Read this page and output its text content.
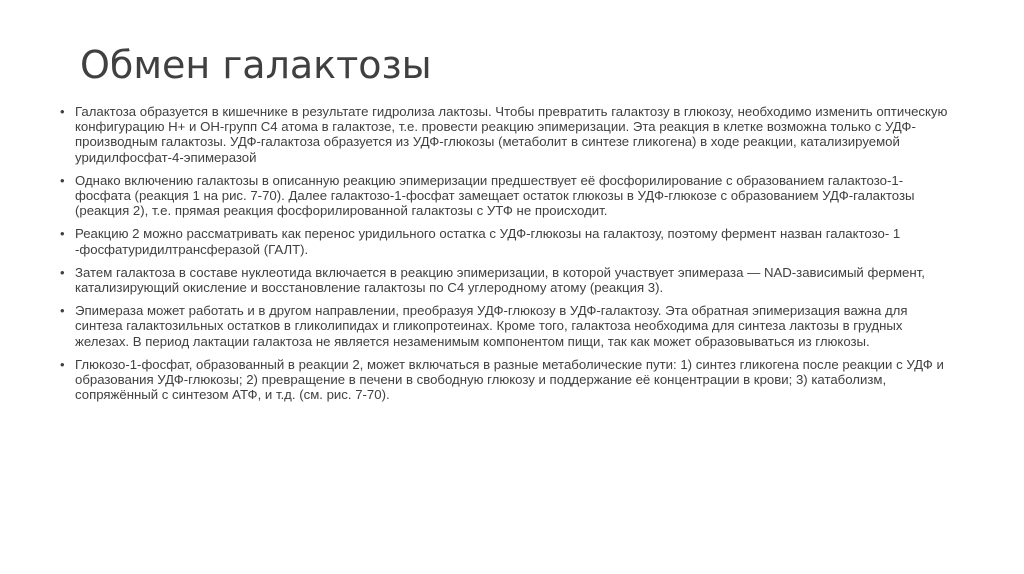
Обмен галактозы
• Галактоза образуется в кишечнике в результате гидролиза лактозы. Чтобы превратить галактозу в глюкозу, необходимо изменить оптическую конфигурацию Н+ и ОН-групп С4 атома в галактозе, т.е. провести реакцию эпимеризации. Эта реакция в клетке возможна только с УДФ-производным галактозы. УДФ-галактоза образуется из УДФ-глюкозы (метаболит в синтезе гликогена) в ходе реакции, катализируемой уридилфосфат-4-эпимеразой
• Однако включению галактозы в описанную реакцию эпимеризации предшествует её фосфорилирование с образованием галактозо-1-фосфата (реакция 1 на рис. 7-70). Далее галактозо-1-фосфат замещает остаток глюкозы в УДФ-глюкозе с образованием УДФ-галактозы (реакция 2), т.е. прямая реакция фосфорилированной галактозы с УТФ не происходит.
• Реакцию 2 можно рассматривать как перенос уридильного остатка с УДФ-глюкозы на галактозу, поэтому фермент назван галактозо- 1 -фосфатуридилтрансферазой (ГАЛТ).
• Затем галактоза в составе нуклеотида включается в реакцию эпимеризации, в которой участвует эпимераза — NAD-зависимый фермент, катализирующий окисление и восстановление галактозы по С4 углеродному атому (реакция 3).
• Эпимераза может работать и в другом направлении, преобразуя УДФ-глюкозу в УДФ-галактозу. Эта обратная эпимеризация важна для синтеза галактозильных остатков в гликолипидах и гликопротеинах. Кроме того, галактоза необходима для синтеза лактозы в грудных железах. В период лактации галактоза не является незаменимым компонентом пищи, так как может образовываться из глюкозы.
• Глюкозо-1-фосфат, образованный в реакции 2, может включаться в разные метаболические пути: 1) синтез гликогена после реакции с УДФ и образования УДФ-глюкозы; 2) превращение в печени в свободную глюкозу и поддержание её концентрации в крови; 3) катаболизм, сопряжённый с синтезом АТФ, и т.д. (см. рис. 7-70).
